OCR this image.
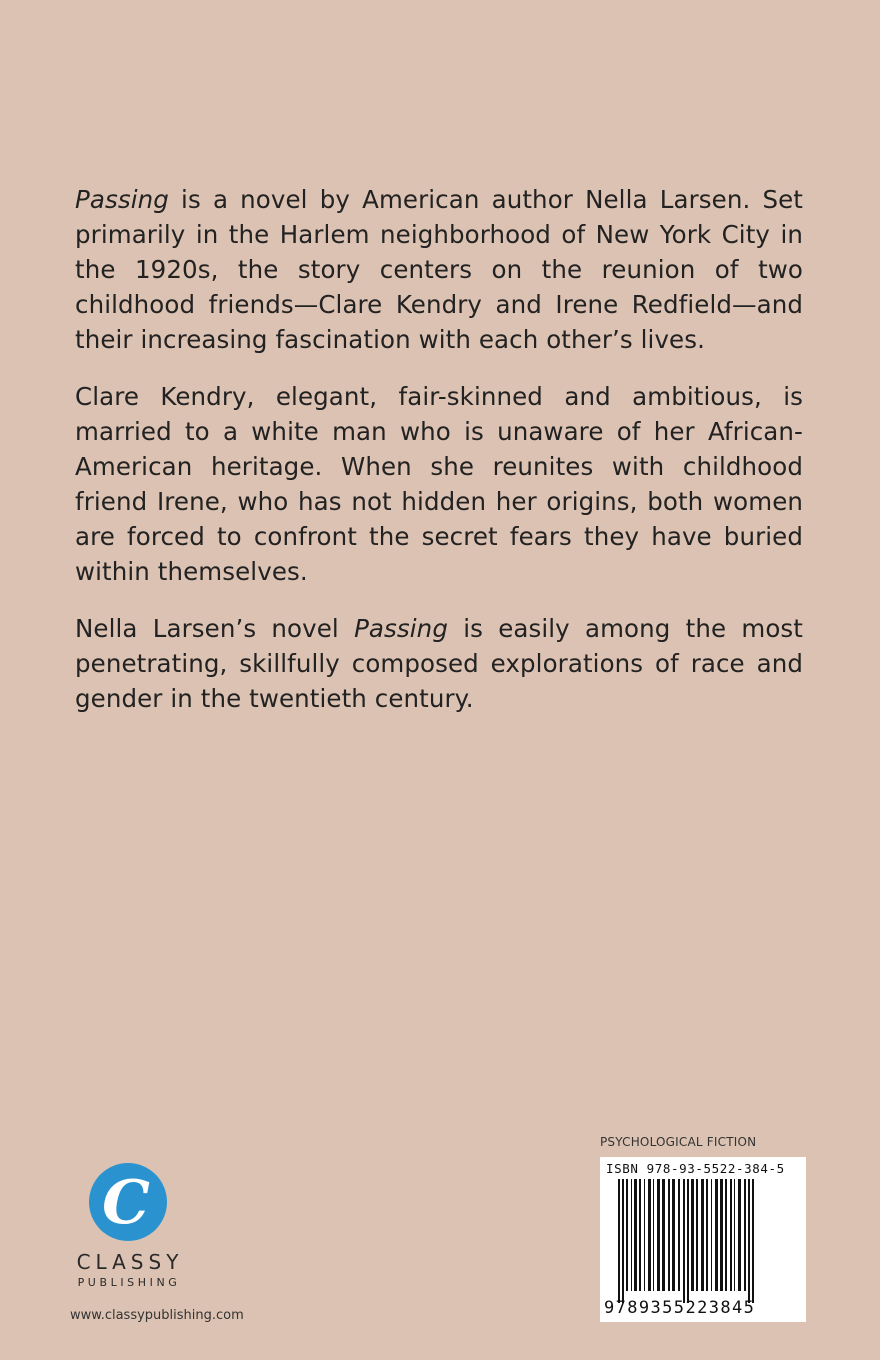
Passing is a novel by American author Nella Larsen. Set primarily in the Harlem neighborhood of New York City in the 1920s, the story centers on the reunion of two childhood friends—Clare Kendry and Irene Redfield—and their increasing fascination with each other’s lives.

Clare Kendry, elegant, fair-skinned and ambitious, is married to a white man who is unaware of her African-American heritage. When she reunites with childhood friend Irene, who has not hidden her origins, both women are forced to confront the secret fears they have buried within themselves.

Nella Larsen’s novel Passing is easily among the most penetrating, skillfully composed explorations of race and gender in the twentieth century.

C
CLASSY
PUBLISHING
www.classypublishing.com
PSYCHOLOGICAL FICTION
ISBN 978-93-5522-384-5
9789355223845
